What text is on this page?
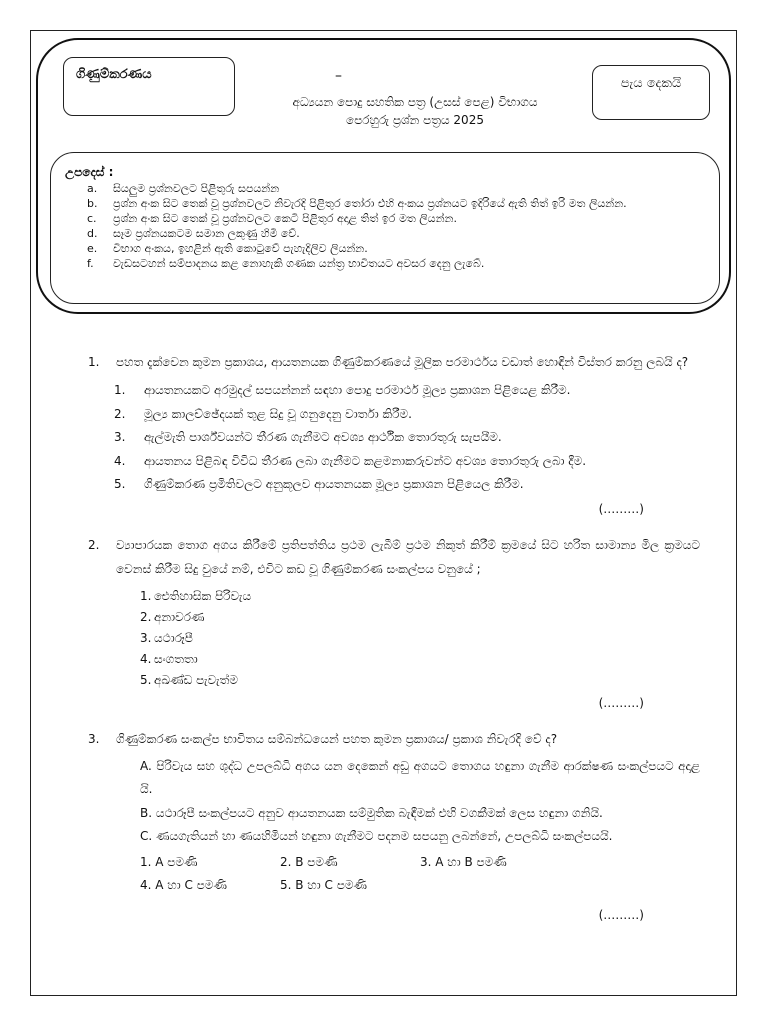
ගිණුම්කරණය	–
අධ්‍යයන පොදු සහතික පත්‍ර (උසස් පෙළ) විභාගය
පෙරහුරු ප්‍රශ්න පත්‍රය 2025
පැය දෙකයි
උපදෙස් :
a.	සියලුම ප්‍රශ්නවලට පිළිතුරු සපයන්න
b.	ප්‍රශ්න අංක සිට තෙක් වූ ප්‍රශ්නවලට නිවැරදි පිළිතුර තෝරා එහි අංකය ප්‍රශ්නයට ඉදිරියේ ඇති තිත් ඉරි මත ලියන්න.
c.	ප්‍රශ්න අංක සිට තෙක් වූ ප්‍රශ්නවලට කෙටි පිළිතුර අදාළ තිත් ඉර මත ලියන්න.
d.	සෑම ප්‍රශ්නයකටම සමාන ලකුණු හිමි වේ.
e.	විභාග අංකය, ඉහළින් ඇති කොටුවේ පැහැදිලිව ලියන්න.
f.	වැඩසටහන් සම්පාදනය කළ නොහැකි ගණක යන්ත්‍ර භාවිතයට අවසර දෙනු ලැබේ.
1.	පහත දැක්වෙන කුමන ප්‍රකාශය, ආයතනයක ගිණුම්කරණයේ මූලික පරමාර්ථය වඩාත් හොඳින් විස්තර කරනු ලබයි ද?
1.	ආයතනයකට අරමුදල් සපයන්නන් සඳහා පොදු පරමාර්ථ මූල්‍ය ප්‍රකාශන පිළියෙළ කිරීම.
2.	මූල්‍ය කාලච්ඡේදයක් තුළ සිදු වූ ගනුදෙනු වාර්තා කිරීම.
3.	ඇල්මැති පාර්ශ්වයන්ට තීරණ ගැනීමට අවශ්‍ය ආර්ථික තොරතුරු සැපයීම.
4.	ආයතනය පිළිබඳ විවිධ තීරණ ලබා ගැනීමට කළමනාකරුවන්ට අවශ්‍ය තොරතුරු ලබා දීම.
5.	ගිණුම්කරණ ප්‍රමිතිවලට අනුකූලව ආයතනයක මූල්‍ය ප්‍රකාශන පිළියෙල කිරීම.
(………)
2.	ව්‍යාපාරයක තොග අගය කිරීමේ ප්‍රතිපත්තිය ප්‍රථම ලැබීම් ප්‍රථම නිකුත් කිරීම් ක්‍රමයේ සිට හරිත සාමාන්‍ය මිල ක්‍රමයට වෙනස් කිරීම සිදු වුයේ නම්, එවිට කඩ වූ ගිණුම්කරණ සංකල්පය වනුයේ ;
1. ඓතිහාසික පිරිවැය
2. අනාවරණ
3. යථාරූපී
4. සංගතතා
5. අඛණ්ඩ පැවැත්ම
(………)
3.	ගිණුම්කරණ සංකල්ප භාවිතය සම්බන්ධයෙන් පහත කුමන ප්‍රකාශය/ ප්‍රකාශ නිවැරදි වේ ද?
A. පිරිවැය සහ ශුද්ධ උපලබ්ධි අගය යන දෙකෙන් අඩු අගයට තොගය හඳුනා ගැනීම ආරක්ෂණ සංකල්පයට අදාළ යි.
B. යථාරූපී සංකල්පයට අනුව ආයතනයක සම්මුතික බැඳීමක් එහි වගකීමක් ලෙස හඳුනා ගනියි.
C. ණයගැතියන් හා ණයහිමියන් හඳුනා ගැනීමට පදනම සපයනු ලබන්නේ, උපලබ්ධි සංකල්පයයි.
1. A පමණි	2. B පමණි	3. A හා B පමණි
4. A හා C පමණි	5. B හා C පමණි
(………)
